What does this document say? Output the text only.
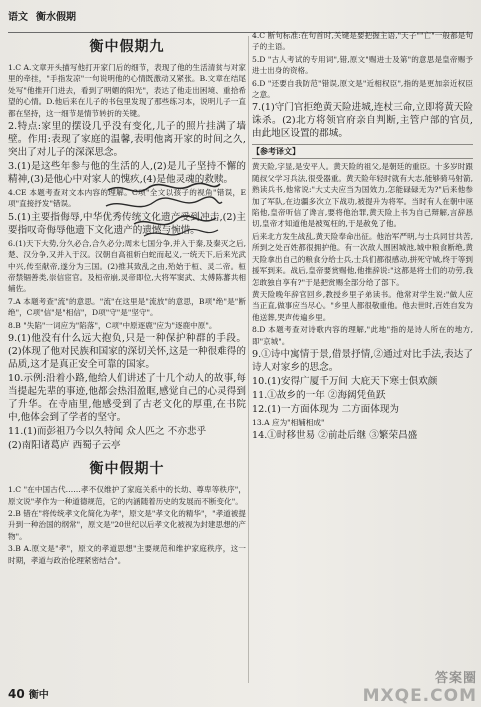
语文 衡水假期
衡中假期九

1.C A.文章开头描写他打开家门后的细节，表现了他的生活清贫与对家里的牵挂，"手指发凉"一句说明他的心情既激动又紧张。B.文章在结尾处写"他推开门进去，看到了明媚的阳光"，表达了他走出困境、重拾希望的心情。D.他后来在儿子的书包里发现了那些练习本，说明儿子一直都在坚持，这一细节是情节转折的关键。

2.特点:家里的摆设几乎没有变化,儿子的照片挂满了墙壁。作用:表现了家庭的温馨,表明他离开家的时间之久,突出了对儿子的深深思念。

3.(1)是这些年参与他的生活的人,(2)是儿子坚持不懈的精神,(3)是他心中对家人的愧疚,(4)是他灵魂的救赎。

4.CE 本题考查对文本内容的理解。C项"全文以孩子的视角"错误，E项"直接抒发"错误。

5.(1)主要指侮辱,中华优秀传统文化遗产受到冲击,(2)主要指叹奇侮辱他遗下文化遗产的遗憾与惋惜。

6.(1)天下大势,分久必合,合久必分;周末七国分争,并入于秦,及秦灭之后,楚、汉分争,又并入于汉。汉朝自高祖斩白蛇而起义,一统天下,后来光武中兴,传至献帝,遂分为三国。(2)推其致乱之由,殆始于桓、灵二帝。桓帝禁锢善类,崇信宦官。及桓帝崩,灵帝即位,大将军窦武、太傅陈蕃共相辅佐。

7.A 本题考查"流"的意思。"流"在这里是"流放"的意思，B项"绝"是"断绝"，C项"信"是"相信"，D项"守"是"坚守"。

8.B "失陷"一词应为"陷落"，C项"中原逐鹿"应为"逐鹿中原"。

9.(1)他没有什么远大抱负,只是一种保护种群的手段。(2)体现了他对民族和国家的深切关怀,这是一种很难得的品质,这才是真正安全可靠的国家。

10.示例:沿着小路,他给人们讲述了十几个动人的故事,每当提起先辈的事迹,他都会热泪盈眶,感觉自己的心灵得到了升华。在寺庙里,他感受到了古老文化的厚重,在书院中,他体会到了学者的坚守。

11.(1)而彭祖乃今以久特闻 众人匹之 不亦悲乎

(2)南阳诸葛庐 西蜀子云亭

衡中假期十

1.C "在中国古代……孝不仅维护了家庭关系中的长幼、尊卑等秩序"，原文说"孝作为一种道德规范，它的内涵随着历史的发展而不断变化"。

2.B 错在"将传统孝文化简化为孝"，原文是"孝文化的精华"，"孝道被提升到一种治国的纲常"，原文是"20世纪以后孝文化被视为封建思想的产物"。

3.B A.原文是"孝"，原文的孝道思想"主要规范和维护家庭秩序，这一时期，孝道与政治伦理紧密结合"。

4.C 断句标准:在句首时,关键是要把握主语,"天子""亡"一般都是句子的主语。

5.D "古人考试的专用词",错,原文"赐进士及第"的意思是皇帝赐予进士出身的资格。

6.D "还要自我防范"错误,原文是"近相权臣",指的是更加亲近权臣之意。

7.(1)守门官拒绝黄天险进城,连杖三命,立即将黄天险诛杀。(2)北方将领官府亲自判断,主管户部的官员,由此地区设置的郡城。

【参考译文】

黄天险,字显,是安平人。黄天险的祖父,是朝廷的重臣。十多岁时跟随叔父学习兵法,很受器重。黄天险年轻时就有大志,能够骑马射箭,熟读兵书,他常说:"大丈夫应当为国效力,怎能碌碌无为?"后来他参加了军队,在边疆多次立下战功,被提升为将军。当时有人在朝中诬陷他,皇帝听信了谗言,要将他治罪,黄天险上书为自己辩解,言辞恳切,皇帝才知道他是被冤枉的,于是赦免了他。

后来北方发生战乱,黄天险奉命出征。他治军严明,与士兵同甘共苦,所到之处百姓都很拥护他。有一次敌人围困城池,城中粮食断绝,黄天险拿出自己的粮食分给士兵,士兵们都很感动,拼死守城,终于等到援军到来。战后,皇帝要赏赐他,他推辞说:"这都是将士们的功劳,我怎敢独自享有?"于是把赏赐全部分给了部下。

黄天险晚年辞官回乡,教授乡里子弟读书。他常对学生说:"做人应当正直,做事应当尽心。"乡里人都很敬重他。他去世时,百姓自发为他送葬,哭声传遍乡里。

8.D 本题考查对诗歌内容的理解,"此地"指的是诗人所在的地方,即"京城"。

9.①诗中寓情于景,借景抒情,②通过对比手法,表达了诗人对家乡的思念。

10.(1)安得广厦千万间 大庇天下寒士俱欢颜

11.①故乡的一年 ②海阔凭鱼跃

12.(1)一方面体现为 二方面体现为

13.A 应为"相辅相成"

14.①时移世易 ②前赴后继 ③繁荣昌盛

40 衡中
答案圈
MXQE.COM
